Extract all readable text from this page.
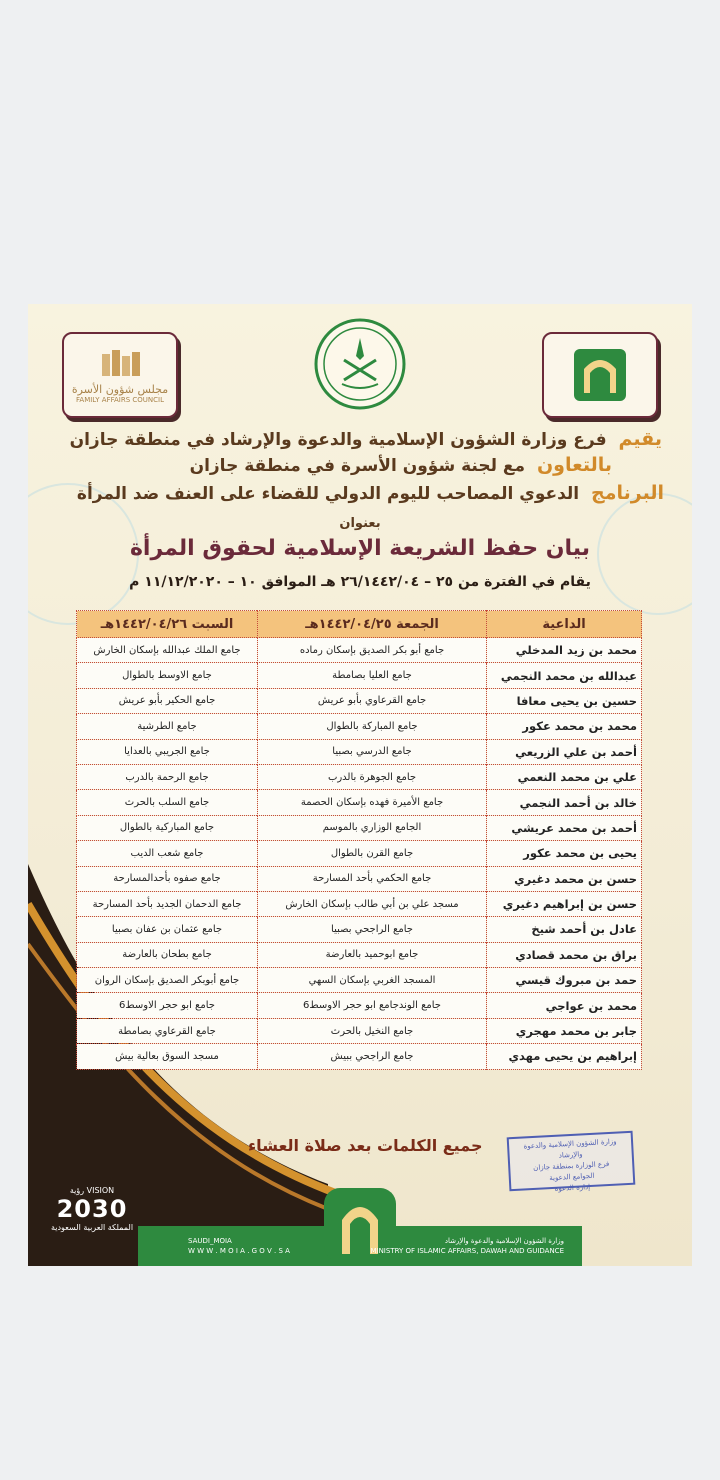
مجلس شؤون الأسرة
FAMILY AFFAIRS COUNCIL
يقيم فرع وزارة الشؤون الإسلامية والدعوة والإرشاد في منطقة جازان
بالتعاون مع لجنة شؤون الأسرة في منطقة جازان
البرنامج الدعوي المصاحب لليوم الدولي للقضاء على العنف ضد المرأة
بعنوان
بيان حفظ الشريعة الإسلامية لحقوق المرأة
يقام في الفترة من ٢٥ – ٢٦/١٤٤٢/٠٤ هـ الموافق ١٠ – ١١/١٢/٢٠٢٠ م
الداعية	الجمعة ١٤٤٢/٠٤/٢٥هـ	السبت ١٤٤٢/٠٤/٢٦هـ
محمد بن زيد المدخلي	جامع أبو بكر الصديق بإسكان رماده	جامع الملك عبدالله بإسكان الخارش
عبدالله بن محمد النجمي	جامع العليا بصامطة	جامع الاوسط بالطوال
حسين بن يحيى معافا	جامع القرعاوي بأبو عريش	جامع الحكير بأبو عريش
محمد بن محمد عكور	جامع المباركة بالطوال	جامع الطرشية
أحمد بن علي الزريعي	جامع الدرسي بصبيا	جامع الجريبي بالعدايا
علي بن محمد النعمي	جامع الجوهرة بالدرب	جامع الرحمة بالدرب
خالد بن أحمد النجمي	جامع الأميرة فهده بإسكان الحصمة	جامع السلب بالحرث
أحمد بن محمد عريشي	الجامع الوزاري بالموسم	جامع المباركية بالطوال
يحيى بن محمد عكور	جامع القرن بالطوال	جامع شعب الديب
حسن بن محمد دغيري	جامع الحكمي بأحد المسارحة	جامع صفوه بأحدالمسارحة
حسن بن إبراهيم دغيري	مسجد علي بن أبي طالب بإسكان الخارش	جامع الدحمان الجديد بأحد المسارحة
عادل بن أحمد شيخ	جامع الراجحي بصبيا	جامع عثمان بن عفان بصبيا
براق بن محمد قصادي	جامع ابوحميد بالعارضة	جامع بطحان بالعارضة
حمد بن مبروك قيسي	المسجد الغربي بإسكان السهي	جامع أبوبكر الصديق بإسكان الروان
محمد بن عواجي	جامع الوندجامع ابو حجر الاوسط6	جامع ابو حجر الاوسط6
جابر بن محمد مهجري	جامع النخيل بالحرث	جامع القرعاوي بصامطة
إبراهيم بن يحيى مهدي	جامع الراجحي ببيش	مسجد السوق بعالية بيش
جميع الكلمات بعد صلاة العشاء	وزارة الشؤون الإسلامية والدعوة والإرشاد
فرع الوزارة بمنطقة جازان
الجوامع الدعوية
إدارة الدعوة
VISION رؤية
2030
المملكة العربية السعودية
SAUDI_MOIA
W W W . M O I A . G O V . S A
وزارة الشؤون الإسلامية والدعوة والإرشاد
MINISTRY OF ISLAMIC AFFAIRS, DAWAH AND GUIDANCE
